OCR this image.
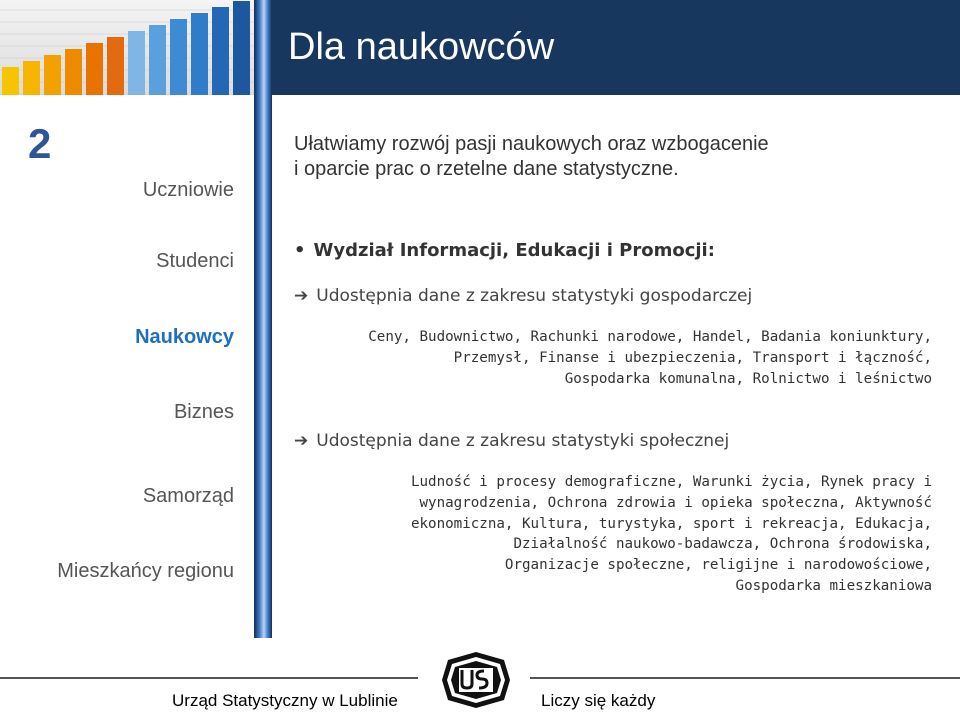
Dla naukowców
2
Uczniowie
Studenci
Naukowcy
Biznes
Samorząd
Mieszkańcy regionu
Ułatwiamy rozwój pasji naukowych oraz wzbogacenie
i oparcie prac o rzetelne dane statystyczne.
• Wydział Informacji, Edukacji i Promocji:
➔ Udostępnia dane z zakresu statystyki gospodarczej
Ceny, Budownictwo, Rachunki narodowe, Handel, Badania koniunktury,
Przemysł, Finanse i ubezpieczenia, Transport i łączność,
Gospodarka komunalna, Rolnictwo i leśnictwo
➔ Udostępnia dane z zakresu statystyki społecznej
Ludność i procesy demograficzne, Warunki życia, Rynek pracy i
wynagrodzenia, Ochrona zdrowia i opieka społeczna, Aktywność
ekonomiczna, Kultura, turystyka, sport i rekreacja, Edukacja,
Działalność naukowo-badawcza, Ochrona środowiska,
Organizacje społeczne, religijne i narodowościowe,
Gospodarka mieszkaniowa
Urząd Statystyczny w Lublinie	Liczy się każdy
